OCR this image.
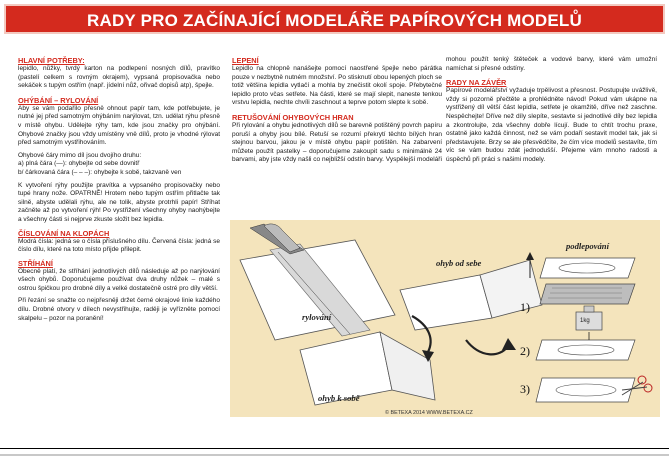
RADY PRO ZAČÍNAJÍCÍ MODELÁŘE PAPÍROVÝCH MODELŮ
HLAVNÍ POTŘEBY:

lepidlo, nůžky, tvrdý karton na podlepení nosných dílů, pravítko (pastelí celkem s rovným okrajem), vypsaná propisovačka nebo sekáček s tupým ostřím (např. jídelní nůž, ořivač dopisů atp), špejle.

OHÝBÁNÍ – RYLOVÁNÍ

Aby se vám podařilo přesně ohnout papír tam, kde potřebujete, je nutné jej před samotným ohýbáním narýlovat, tzn. udělat rýhu přesně v místě ohybu. Udělejte rýhy tam, kde jsou značky pro ohýbání. Ohybové značky jsou vždy umístěny vně dílů, proto je vhodné rýlovat před samotným vystřihováním.

Ohybové čáry mimo díl jsou dvojího druhu:
a) plná čára (—): ohybejte od sebe dovnitř

b/ čárkovaná čára (– – –): ohybejte k sobě, takzvaně ven

K vytvoření rýhy použijte pravítka a vypsaného propisovačky nebo tupé hrany nože. OPATRNĚ! Hrotem nebo tupým ostřím přitlačte tak silně, abyste udělali rýhu, ale ne tolik, abyste protrhli papír! Stříhat začněte až po vytvoření rýh! Po vystřižení všechny ohyby naohýbejte a všechny části si nejprve zkuste složit bez lepidla.

ČÍSLOVÁNÍ NA KLOPÁCH

Modrá čísla: jedná se o čísla příslušného dílu. Červená čísla: jedná se číslo dílu, které na toto místo přijde přilepit.

STŘÍHÁNÍ

Obecně platí, že stříhání jednotlivých dílů následuje až po narýlování všech ohybů. Doporučujeme používat dva druhy nůžek – malé s ostrou špičkou pro drobné díly a velké dostatečně ostré pro díly větší.

Při řezání se snažte co nejpřesněji držet černé okrajové linie každého dílu. Drobné otvory v dílech nevystřihujte, raději je vyřízněte pomocí skalpelu – pozor na poranění!

LEPENÍ

Lepidlo na chlopně nanášejte pomocí naostřené špejle nebo párátka pouze v nezbytně nutném množství. Po stisknutí obou lepených ploch se totiž většina lepidla vytlačí a mohla by znečistit okolí spoje. Přebytečné lepidlo proto včas setřete. Na části, které se mají slepit, naneste tenkou vrstvu lepidla, nechte chvíli zaschnout a teprve potom slepte k sobě.

RETUŠOVÁNÍ OHYBOVÝCH HRAN

Při rylování a ohybu jednotlivých dílů se barevně potištěný povrch papíru poruší a ohyby jsou bílé. Retuší se rozumí překrytí těchto bílých hran stejnou barvou, jakou je v místě ohybu papír potištěn. Na zabarvení můžete použít pastelky – doporučujeme zakoupit sadu s minimálně 24 barvami, aby jste vždy našli co nejbližší odstín barvy. Vyspělejší modeláři

mohou použít tenký štěteček a vodové barvy, které vám umožní namíchat si přesné odstíny.

RADY NA ZÁVĚR

Papírové modelářství vyžaduje trpělivost a přesnost. Postupujte uvážlivě, vždy si pozorně přečtěte a prohlédněte návod! Pokud vám ukápne na vystřižený díl větší část lepidla, setřete je okamžitě, dříve než zaschne. Nespěchejte! Dříve než díly slepíte, sestavte si jednotlivé díly bez lepidla a zkontrolujte, zda všechny dobře lícují. Bude to chtít trochu praxe, ostatně jako každá činnost, než se vám podaří sestavit model tak, jak si představujete. Brzy se ale přesvědčíte, že čím více modelů sestavíte, tím víc se vám budou zdát jednodušší. Přejeme vám mnoho radosti a úspěchů při práci s našimi modely.

rylování
ohyb od sebe
ohyb k sobě
podlepování
1kg
1)
2)
3)
© BETEXA 2014 WWW.BETEXA.CZ
